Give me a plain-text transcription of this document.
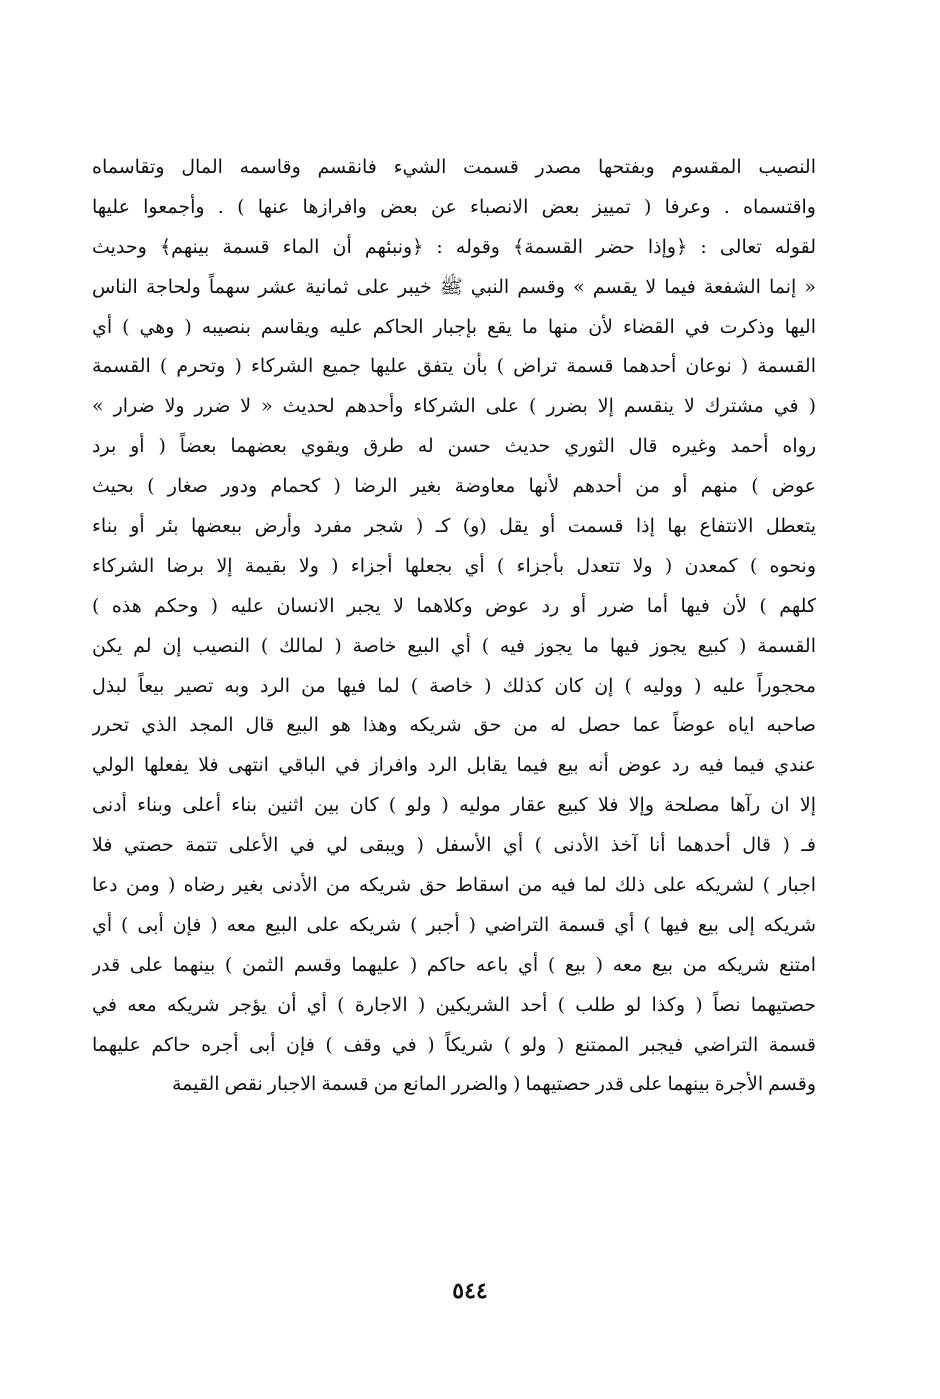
النصيب المقسوم وبفتحها مصدر قسمت الشيء فانقسم وقاسمه المال وتقاسماه
واقتسماه . وعرفا ( تمييز بعض الانصباء عن بعض وافرازها عنها ) . وأجمعوا عليها
لقوله تعالى : ﴿وإذا حضر القسمة﴾ وقوله : ﴿ونبئهم أن الماء قسمة بينهم﴾ وحديث
« إنما الشفعة فيما لا يقسم » وقسم النبي ﷺ خيبر على ثمانية عشر سهماً ولحاجة الناس
اليها وذكرت في القضاء لأن منها ما يقع بإجبار الحاكم عليه ويقاسم بنصيبه ( وهي ) أي
القسمة ( نوعان أحدهما قسمة تراض ) بأن يتفق عليها جميع الشركاء ( وتحرم ) القسمة
( في مشترك لا ينقسم إلا بضرر ) على الشركاء وأحدهم لحديث « لا ضرر ولا ضرار »
رواه أحمد وغيره قال الثوري حديث حسن له طرق ويقوي بعضهما بعضاً ( أو برد
عوض ) منهم أو من أحدهم لأنها معاوضة بغير الرضا ( كحمام ودور صغار ) بحيث
يتعطل الانتفاع بها إذا قسمت أو يقل (و) كـ ( شجر مفرد وأرض ببعضها بئر أو بناء
ونحوه ) كمعدن ( ولا تتعدل بأجزاء ) أي بجعلها أجزاء ( ولا بقيمة إلا برضا الشركاء
كلهم ) لأن فيها أما ضرر أو رد عوض وكلاهما لا يجبر الانسان عليه ( وحكم هذه )
القسمة ( كبيع يجوز فيها ما يجوز فيه ) أي البيع خاصة ( لمالك ) النصيب إن لم يكن
محجوراً عليه ( ووليه ) إن كان كذلك ( خاصة ) لما فيها من الرد وبه تصير بيعاً لبذل
صاحبه اياه عوضاً عما حصل له من حق شريكه وهذا هو البيع قال المجد الذي تحرر
عندي فيما فيه رد عوض أنه بيع فيما يقابل الرد وافراز في الباقي انتهى فلا يفعلها الولي
إلا ان رآها مصلحة وإلا فلا كبيع عقار موليه ( ولو ) كان بين اثنين بناء أعلى وبناء أدنى
فـ ( قال أحدهما أنا آخذ الأدنى ) أي الأسفل ( ويبقى لي في الأعلى تتمة حصتي فلا
اجبار ) لشريكه على ذلك لما فيه من اسقاط حق شريكه من الأدنى بغير رضاه ( ومن دعا
شريكه إلى بيع فيها ) أي قسمة التراضي ( أجبر ) شريكه على البيع معه ( فإن أبى ) أي
امتنع شريكه من بيع معه ( بيع ) أي باعه حاكم ( عليهما وقسم الثمن ) بينهما على قدر
حصتيهما نصاً ( وكذا لو طلب ) أحد الشريكين ( الاجارة ) أي أن يؤجر شريكه معه في
قسمة التراضي فيجبر الممتنع ( ولو ) شريكاً ( في وقف ) فإن أبى أجره حاكم عليهما
وقسم الأجرة بينهما على قدر حصتيهما ( والضرر المانع من قسمة الاجبار نقص القيمة
٥٤٤
